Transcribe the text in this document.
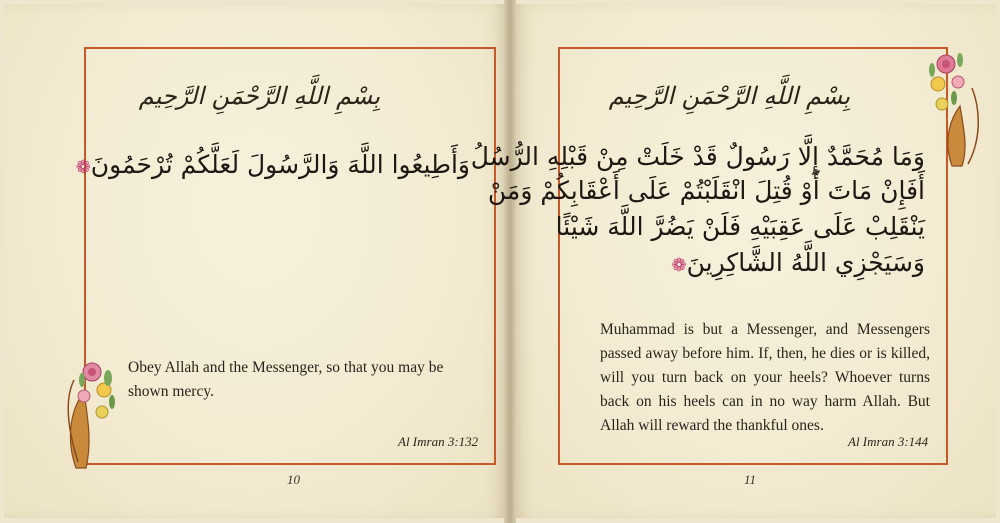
بِسْمِ اللَّهِ الرَّحْمَنِ الرَّحِيم
وَأَطِيعُوا اللَّهَ وَالرَّسُولَ لَعَلَّكُمْ تُرْحَمُونَ❁
Obey Allah and the Messenger, so that you may be shown mercy.
Al Imran 3:132
10
بِسْمِ اللَّهِ الرَّحْمَنِ الرَّحِيم
وَمَا مُحَمَّدٌ إِلَّا رَسُولٌ قَدْ خَلَتْ مِنْ قَبْلِهِ الرُّسُلُ
أَفَإِنْ مَاتَ أَوْ قُتِلَ انْقَلَبْتُمْ عَلَى أَعْقَابِكُمْ وَمَنْ
يَنْقَلِبْ عَلَى عَقِبَيْهِ فَلَنْ يَضُرَّ اللَّهَ شَيْئًا
وَسَيَجْزِي اللَّهُ الشَّاكِرِينَ❁
Muhammad is but a Messenger, and Messengers passed away before him. If, then, he dies or is killed, will you turn back on your heels? Whoever turns back on his heels can in no way harm Allah. But Allah will reward the thankful ones.
Al Imran 3:144
11
